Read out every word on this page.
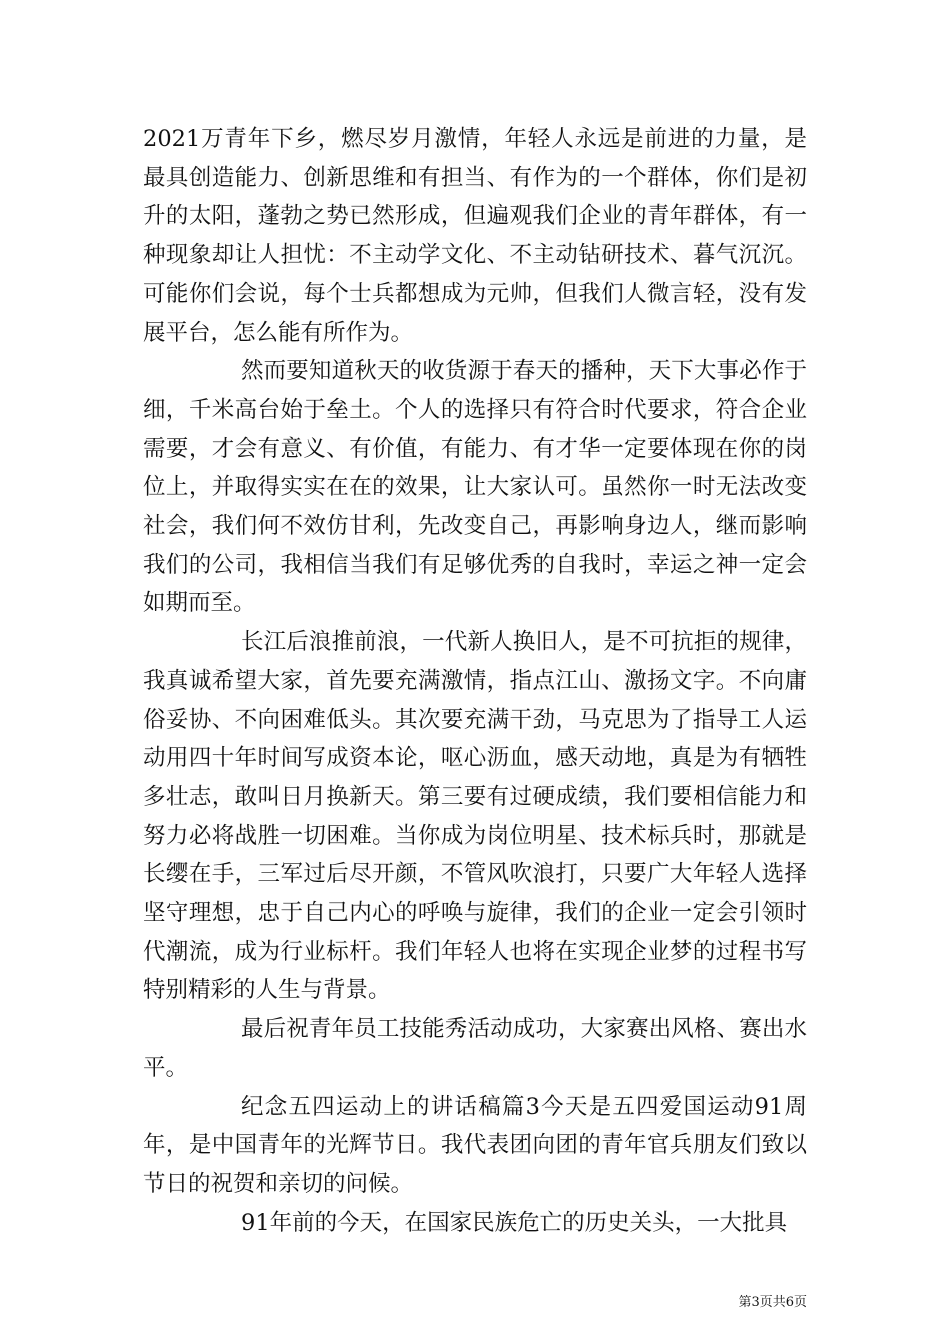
2021万青年下乡，燃尽岁月激情，年轻人永远是前进的力量，是最具创造能力、创新思维和有担当、有作为的一个群体，你们是初升的太阳，蓬勃之势已然形成，但遍观我们企业的青年群体，有一种现象却让人担忧：不主动学文化、不主动钻研技术、暮气沉沉。可能你们会说，每个士兵都想成为元帅，但我们人微言轻，没有发展平台，怎么能有所作为。

然而要知道秋天的收货源于春天的播种，天下大事必作于细，千米高台始于垒土。个人的选择只有符合时代要求，符合企业需要，才会有意义、有价值，有能力、有才华一定要体现在你的岗位上，并取得实实在在的效果，让大家认可。虽然你一时无法改变社会，我们何不效仿甘利，先改变自己，再影响身边人，继而影响我们的公司，我相信当我们有足够优秀的自我时，幸运之神一定会如期而至。

长江后浪推前浪，一代新人换旧人，是不可抗拒的规律，我真诚希望大家，首先要充满激情，指点江山、激扬文字。不向庸俗妥协、不向困难低头。其次要充满干劲，马克思为了指导工人运动用四十年时间写成资本论，呕心沥血，感天动地，真是为有牺牲多壮志，敢叫日月换新天。第三要有过硬成绩，我们要相信能力和努力必将战胜一切困难。当你成为岗位明星、技术标兵时，那就是长缨在手，三军过后尽开颜，不管风吹浪打，只要广大年轻人选择坚守理想，忠于自己内心的呼唤与旋律，我们的企业一定会引领时代潮流，成为行业标杆。我们年轻人也将在实现企业梦的过程书写特别精彩的人生与背景。

最后祝青年员工技能秀活动成功，大家赛出风格、赛出水平。

纪念五四运动上的讲话稿篇3今天是五四爱国运动91周年，是中国青年的光辉节日。我代表团向团的青年官兵朋友们致以节日的祝贺和亲切的问候。

91年前的今天，在国家民族危亡的历史关头，一大批具

第3页共6页
